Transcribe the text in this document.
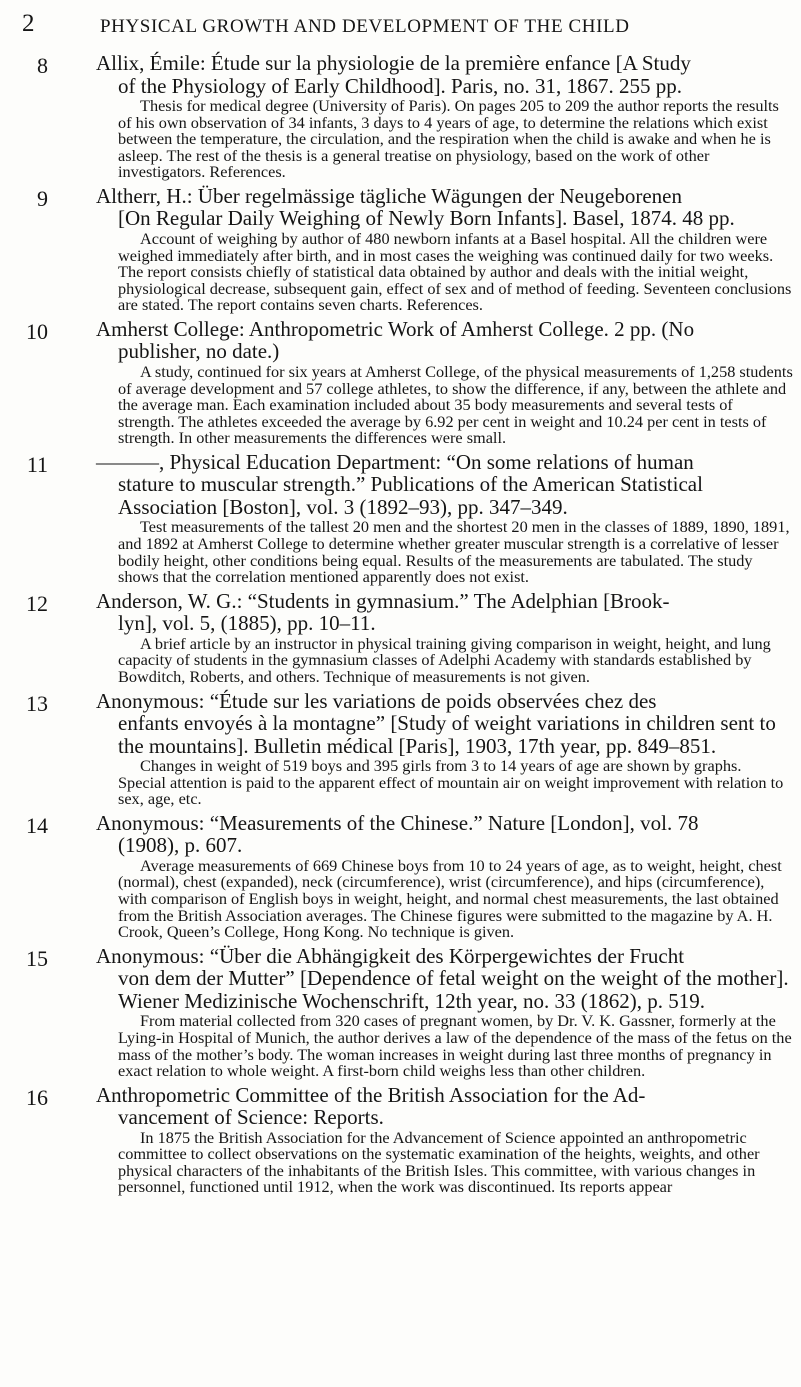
2	PHYSICAL GROWTH AND DEVELOPMENT OF THE CHILD
8 Allix, Émile: Étude sur la physiologie de la première enfance [A Study
of the Physiology of Early Childhood]. Paris, no. 31, 1867. 255 pp.
Thesis for medical degree (University of Paris). On pages 205 to 209 the author reports the results of his own observation of 34 infants, 3 days to 4 years of age, to determine the relations which exist between the temperature, the circulation, and the respiration when the child is awake and when he is asleep. The rest of the thesis is a general treatise on physiology, based on the work of other investigators. References.
9 Altherr, H.: Über regelmässige tägliche Wägungen der Neugeborenen
[On Regular Daily Weighing of Newly Born Infants]. Basel, 1874. 48 pp.
Account of weighing by author of 480 newborn infants at a Basel hospital. All the children were weighed immediately after birth, and in most cases the weighing was continued daily for two weeks. The report consists chiefly of statistical data obtained by author and deals with the initial weight, physiological decrease, subsequent gain, effect of sex and of method of feeding. Seventeen conclusions are stated. The report contains seven charts. References.
10 Amherst College: Anthropometric Work of Amherst College. 2 pp. (No
publisher, no date.)
A study, continued for six years at Amherst College, of the physical measurements of 1,258 students of average development and 57 college athletes, to show the difference, if any, between the athlete and the average man. Each examination included about 35 body measurements and several tests of strength. The athletes exceeded the average by 6.92 per cent in weight and 10.24 per cent in tests of strength. In other measurements the differences were small.
11 ———, Physical Education Department: “On some relations of human
stature to muscular strength.” Publications of the American Statistical Association [Boston], vol. 3 (1892–93), pp. 347–349.
Test measurements of the tallest 20 men and the shortest 20 men in the classes of 1889, 1890, 1891, and 1892 at Amherst College to determine whether greater muscular strength is a correlative of lesser bodily height, other conditions being equal. Results of the measurements are tabulated. The study shows that the correlation mentioned apparently does not exist.
12 Anderson, W. G.: “Students in gymnasium.” The Adelphian [Brook-
lyn], vol. 5, (1885), pp. 10–11.
A brief article by an instructor in physical training giving comparison in weight, height, and lung capacity of students in the gymnasium classes of Adelphi Academy with standards established by Bowditch, Roberts, and others. Technique of measurements is not given.
13 Anonymous: “Étude sur les variations de poids observées chez des
enfants envoyés à la montagne” [Study of weight variations in children sent to the mountains]. Bulletin médical [Paris], 1903, 17th year, pp. 849–851.
Changes in weight of 519 boys and 395 girls from 3 to 14 years of age are shown by graphs. Special attention is paid to the apparent effect of mountain air on weight improvement with relation to sex, age, etc.
14 Anonymous: “Measurements of the Chinese.” Nature [London], vol. 78
(1908), p. 607.
Average measurements of 669 Chinese boys from 10 to 24 years of age, as to weight, height, chest (normal), chest (expanded), neck (circumference), wrist (circumference), and hips (circumference), with comparison of English boys in weight, height, and normal chest measurements, the last obtained from the British Association averages. The Chinese figures were submitted to the magazine by A. H. Crook, Queen’s College, Hong Kong. No technique is given.
15 Anonymous: “Über die Abhängigkeit des Körpergewichtes der Frucht
von dem der Mutter” [Dependence of fetal weight on the weight of the mother]. Wiener Medizinische Wochenschrift, 12th year, no. 33 (1862), p. 519.
From material collected from 320 cases of pregnant women, by Dr. V. K. Gassner, formerly at the Lying-in Hospital of Munich, the author derives a law of the dependence of the mass of the fetus on the mass of the mother’s body. The woman increases in weight during last three months of pregnancy in exact relation to whole weight. A first-born child weighs less than other children.
16 Anthropometric Committee of the British Association for the Ad-
vancement of Science: Reports.
In 1875 the British Association for the Advancement of Science appointed an anthropometric committee to collect observations on the systematic examination of the heights, weights, and other physical characters of the inhabitants of the British Isles. This committee, with various changes in personnel, functioned until 1912, when the work was discontinued. Its reports appear
